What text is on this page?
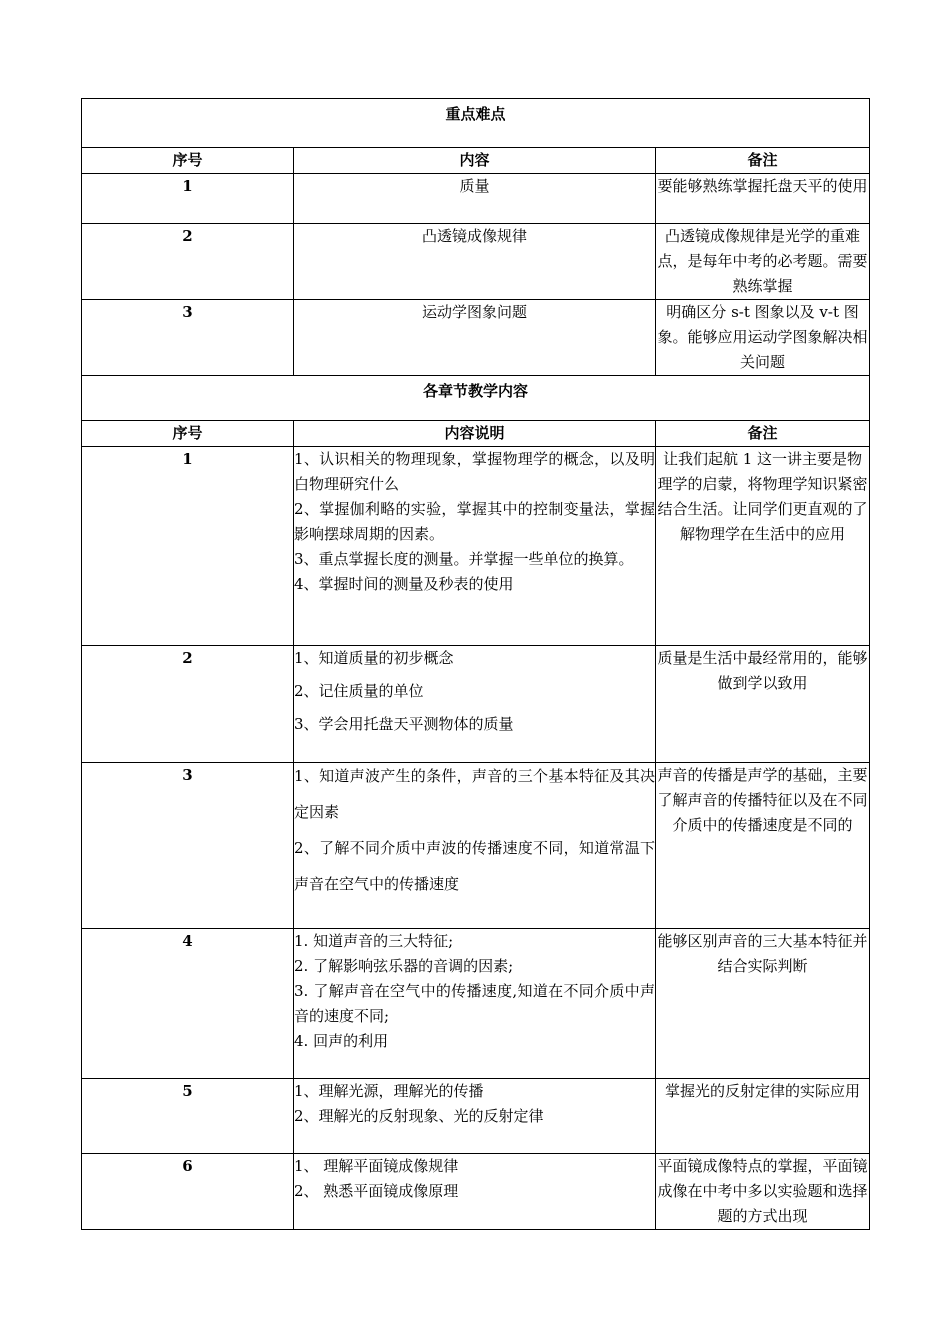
重点难点		
序号	内容	备注
1	质量	要能够熟练掌握托盘天平的使用
2	凸透镜成像规律	凸透镜成像规律是光学的重难点，是每年中考的必考题。需要熟练掌握
3	运动学图象问题	明确区分 s-t 图象以及 v-t 图象。能够应用运动学图象解决相关问题
各章节教学内容		
序号	内容说明	备注
1	1、认识相关的物理现象，掌握物理学的概念，以及明白物理研究什么

2、掌握伽利略的实验，掌握其中的控制变量法，掌握影响摆球周期的因素。

3、重点掌握长度的测量。并掌握一些单位的换算。

4、掌握时间的测量及秒表的使用	让我们起航 1 这一讲主要是物理学的启蒙，将物理学知识紧密结合生活。让同学们更直观的了解物理学在生活中的应用
2	1、知道质量的初步概念

2、记住质量的单位

3、学会用托盘天平测物体的质量	质量是生活中最经常用的，能够做到学以致用
3	1、知道声波产生的条件，声音的三个基本特征及其决定因素

2、了解不同介质中声波的传播速度不同，知道常温下声音在空气中的传播速度	声音的传播是声学的基础，主要了解声音的传播特征以及在不同介质中的传播速度是不同的
4	1. 知道声音的三大特征;

2. 了解影响弦乐器的音调的因素;

3. 了解声音在空气中的传播速度,知道在不同介质中声音的速度不同;

4. 回声的利用	能够区别声音的三大基本特征并结合实际判断
5	1、理解光源，理解光的传播

2、理解光的反射现象、光的反射定律	掌握光的反射定律的实际应用
6	1、 理解平面镜成像规律

2、 熟悉平面镜成像原理	平面镜成像特点的掌握，平面镜成像在中考中多以实验题和选择题的方式出现
